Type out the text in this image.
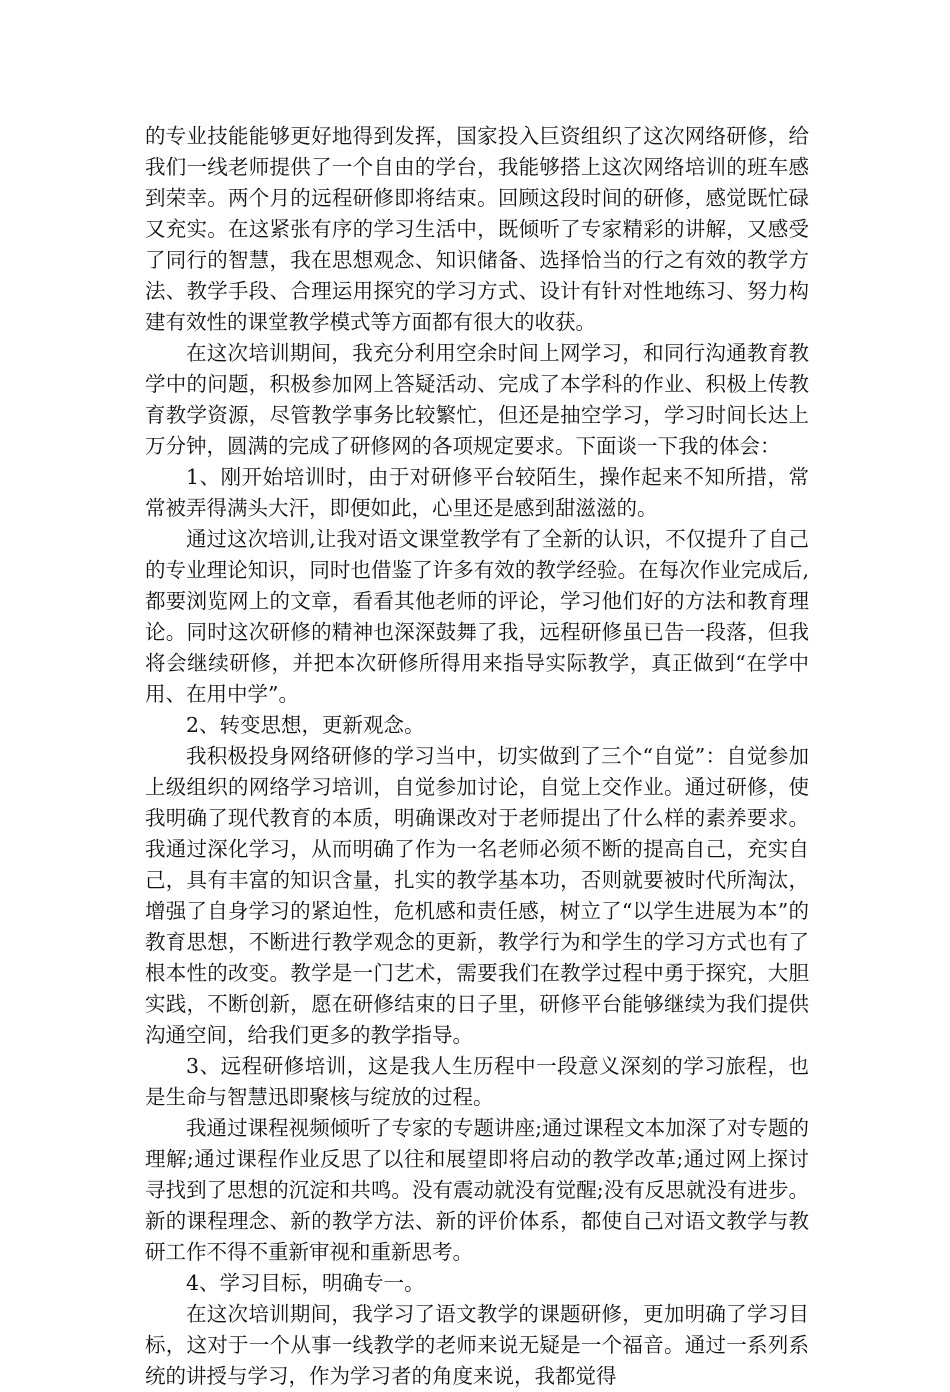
的专业技能能够更好地得到发挥，国家投入巨资组织了这次网络研修，给我们一线老师提供了一个自由的学台，我能够搭上这次网络培训的班车感到荣幸。两个月的远程研修即将结束。回顾这段时间的研修，感觉既忙碌又充实。在这紧张有序的学习生活中，既倾听了专家精彩的讲解，又感受了同行的智慧，我在思想观念、知识储备、选择恰当的行之有效的教学方法、教学手段、合理运用探究的学习方式、设计有针对性地练习、努力构建有效性的课堂教学模式等方面都有很大的收获。

在这次培训期间，我充分利用空余时间上网学习，和同行沟通教育教学中的问题，积极参加网上答疑活动、完成了本学科的作业、积极上传教育教学资源，尽管教学事务比较繁忙，但还是抽空学习，学习时间长达上万分钟，圆满的完成了研修网的各项规定要求。下面谈一下我的体会：

1、刚开始培训时，由于对研修平台较陌生，操作起来不知所措，常常被弄得满头大汗，即便如此，心里还是感到甜滋滋的。

通过这次培训,让我对语文课堂教学有了全新的认识，不仅提升了自己的专业理论知识，同时也借鉴了许多有效的教学经验。在每次作业完成后,都要浏览网上的文章，看看其他老师的评论，学习他们好的方法和教育理论。同时这次研修的精神也深深鼓舞了我，远程研修虽已告一段落，但我将会继续研修，并把本次研修所得用来指导实际教学，真正做到“在学中用、在用中学”。

2、转变思想，更新观念。

我积极投身网络研修的学习当中，切实做到了三个“自觉”：自觉参加上级组织的网络学习培训，自觉参加讨论，自觉上交作业。通过研修，使我明确了现代教育的本质，明确课改对于老师提出了什么样的素养要求。我通过深化学习，从而明确了作为一名老师必须不断的提高自己，充实自己，具有丰富的知识含量，扎实的教学基本功，否则就要被时代所淘汰，增强了自身学习的紧迫性，危机感和责任感，树立了“以学生进展为本”的教育思想，不断进行教学观念的更新，教学行为和学生的学习方式也有了根本性的改变。教学是一门艺术，需要我们在教学过程中勇于探究，大胆实践，不断创新，愿在研修结束的日子里，研修平台能够继续为我们提供沟通空间，给我们更多的教学指导。

3、远程研修培训，这是我人生历程中一段意义深刻的学习旅程，也是生命与智慧迅即聚核与绽放的过程。

我通过课程视频倾听了专家的专题讲座;通过课程文本加深了对专题的理解;通过课程作业反思了以往和展望即将启动的教学改革;通过网上探讨寻找到了思想的沉淀和共鸣。没有震动就没有觉醒;没有反思就没有进步。新的课程理念、新的教学方法、新的评价体系，都使自己对语文教学与教研工作不得不重新审视和重新思考。

4、学习目标，明确专一。

在这次培训期间，我学习了语文教学的课题研修，更加明确了学习目标，这对于一个从事一线教学的老师来说无疑是一个福音。通过一系列系统的讲授与学习，作为学习者的角度来说，我都觉得
